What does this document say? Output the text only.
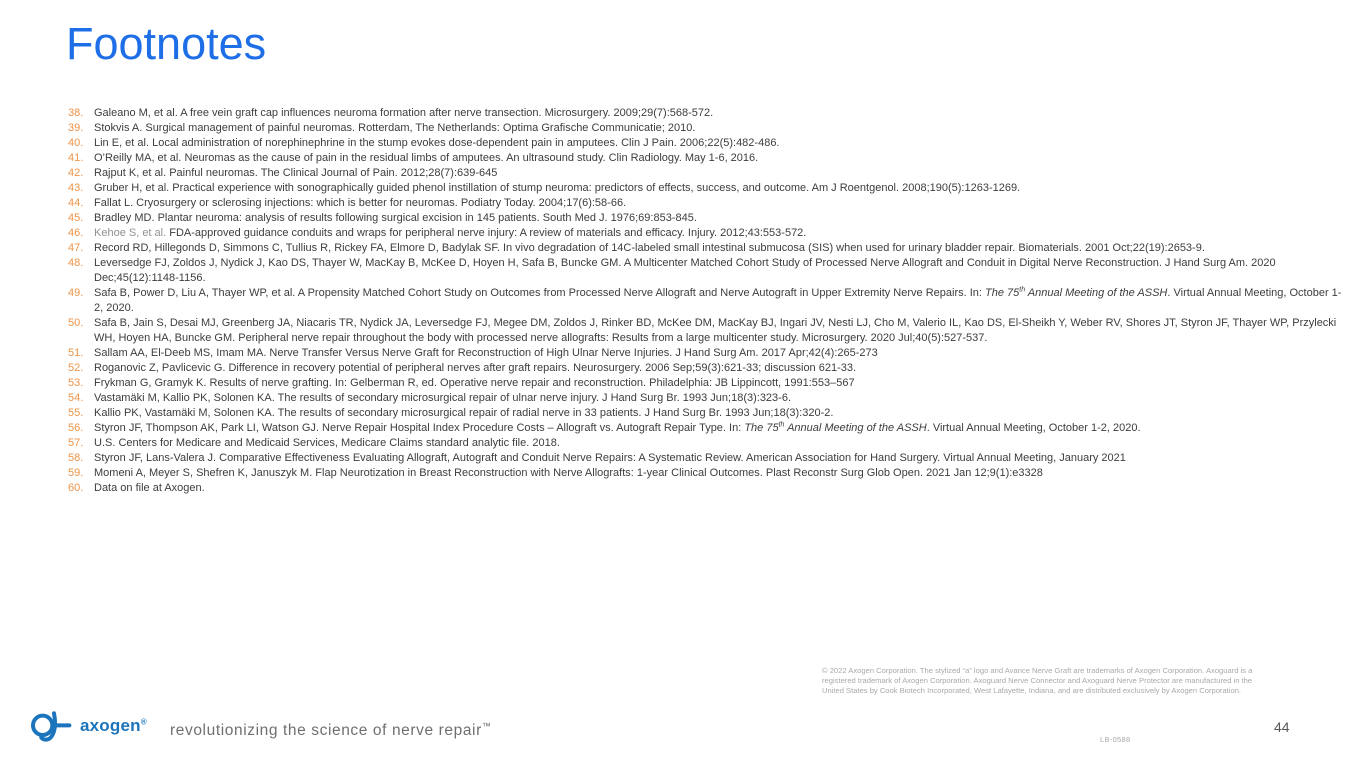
Footnotes
38. Galeano M, et al. A free vein graft cap influences neuroma formation after nerve transection. Microsurgery. 2009;29(7):568-572.
39. Stokvis A. Surgical management of painful neuromas. Rotterdam, The Netherlands: Optima Grafische Communicatie; 2010.
40. Lin E, et al. Local administration of norephinephrine in the stump evokes dose-dependent pain in amputees. Clin J Pain. 2006;22(5):482-486.
41. O’Reilly MA, et al. Neuromas as the cause of pain in the residual limbs of amputees. An ultrasound study. Clin Radiology. May 1-6, 2016.
42. Rajput K, et al. Painful neuromas. The Clinical Journal of Pain. 2012;28(7):639-645
43. Gruber H, et al. Practical experience with sonographically guided phenol instillation of stump neuroma: predictors of effects, success, and outcome. Am J Roentgenol. 2008;190(5):1263-1269.
44. Fallat L. Cryosurgery or sclerosing injections: which is better for neuromas. Podiatry Today. 2004;17(6):58-66.
45. Bradley MD. Plantar neuroma: analysis of results following surgical excision in 145 patients. South Med J. 1976;69:853-845.
46. Kehoe S, et al. FDA-approved guidance conduits and wraps for peripheral nerve injury: A review of materials and efficacy. Injury. 2012;43:553-572.
47. Record RD, Hillegonds D, Simmons C, Tullius R, Rickey FA, Elmore D, Badylak SF. In vivo degradation of 14C-labeled small intestinal submucosa (SIS) when used for urinary bladder repair. Biomaterials. 2001 Oct;22(19):2653-9.
48. Leversedge FJ, Zoldos J, Nydick J, Kao DS, Thayer W, MacKay B, McKee D, Hoyen H, Safa B, Buncke GM. A Multicenter Matched Cohort Study of Processed Nerve Allograft and Conduit in Digital Nerve Reconstruction. J Hand Surg Am. 2020 Dec;45(12):1148-1156.
49. Safa B, Power D, Liu A, Thayer WP, et al. A Propensity Matched Cohort Study on Outcomes from Processed Nerve Allograft and Nerve Autograft in Upper Extremity Nerve Repairs. In: The 75th Annual Meeting of the ASSH. Virtual Annual Meeting, October 1-2, 2020.
50. Safa B, Jain S, Desai MJ, Greenberg JA, Niacaris TR, Nydick JA, Leversedge FJ, Megee DM, Zoldos J, Rinker BD, McKee DM, MacKay BJ, Ingari JV, Nesti LJ, Cho M, Valerio IL, Kao DS, El-Sheikh Y, Weber RV, Shores JT, Styron JF, Thayer WP, Przylecki WH, Hoyen HA, Buncke GM. Peripheral nerve repair throughout the body with processed nerve allografts: Results from a large multicenter study. Microsurgery. 2020 Jul;40(5):527-537.
51. Sallam AA, El-Deeb MS, Imam MA. Nerve Transfer Versus Nerve Graft for Reconstruction of High Ulnar Nerve Injuries. J Hand Surg Am. 2017 Apr;42(4):265-273
52. Roganovic Z, Pavlicevic G. Difference in recovery potential of peripheral nerves after graft repairs. Neurosurgery. 2006 Sep;59(3):621-33; discussion 621-33.
53. Frykman G, Gramyk K. Results of nerve grafting. In: Gelberman R, ed. Operative nerve repair and reconstruction. Philadelphia: JB Lippincott, 1991:553–567
54. Vastamäki M, Kallio PK, Solonen KA. The results of secondary microsurgical repair of ulnar nerve injury. J Hand Surg Br. 1993 Jun;18(3):323-6.
55. Kallio PK, Vastamäki M, Solonen KA. The results of secondary microsurgical repair of radial nerve in 33 patients. J Hand Surg Br. 1993 Jun;18(3):320-2.
56. Styron JF, Thompson AK, Park LI, Watson GJ. Nerve Repair Hospital Index Procedure Costs – Allograft vs. Autograft Repair Type. In: The 75th Annual Meeting of the ASSH. Virtual Annual Meeting, October 1-2, 2020.
57. U.S. Centers for Medicare and Medicaid Services, Medicare Claims standard analytic file. 2018.
58. Styron JF, Lans-Valera J. Comparative Effectiveness Evaluating Allograft, Autograft and Conduit Nerve Repairs: A Systematic Review. American Association for Hand Surgery. Virtual Annual Meeting, January 2021
59. Momeni A, Meyer S, Shefren K, Januszyk M. Flap Neurotization in Breast Reconstruction with Nerve Allografts: 1-year Clinical Outcomes. Plast Reconstr Surg Glob Open. 2021 Jan 12;9(1):e3328
60. Data on file at Axogen.
axogen®
revolutionizing the science of nerve repair™
© 2022 Axogen Corporation. The stylized “a” logo and Avance Nerve Graft are trademarks of Axogen Corporation. Axoguard is a registered trademark of Axogen Corporation. Axoguard Nerve Connector and Axoguard Nerve Protector are manufactured in the United States by Cook Biotech Incorporated, West Lafayette, Indiana, and are distributed exclusively by Axogen Corporation.
LB-0588
44
